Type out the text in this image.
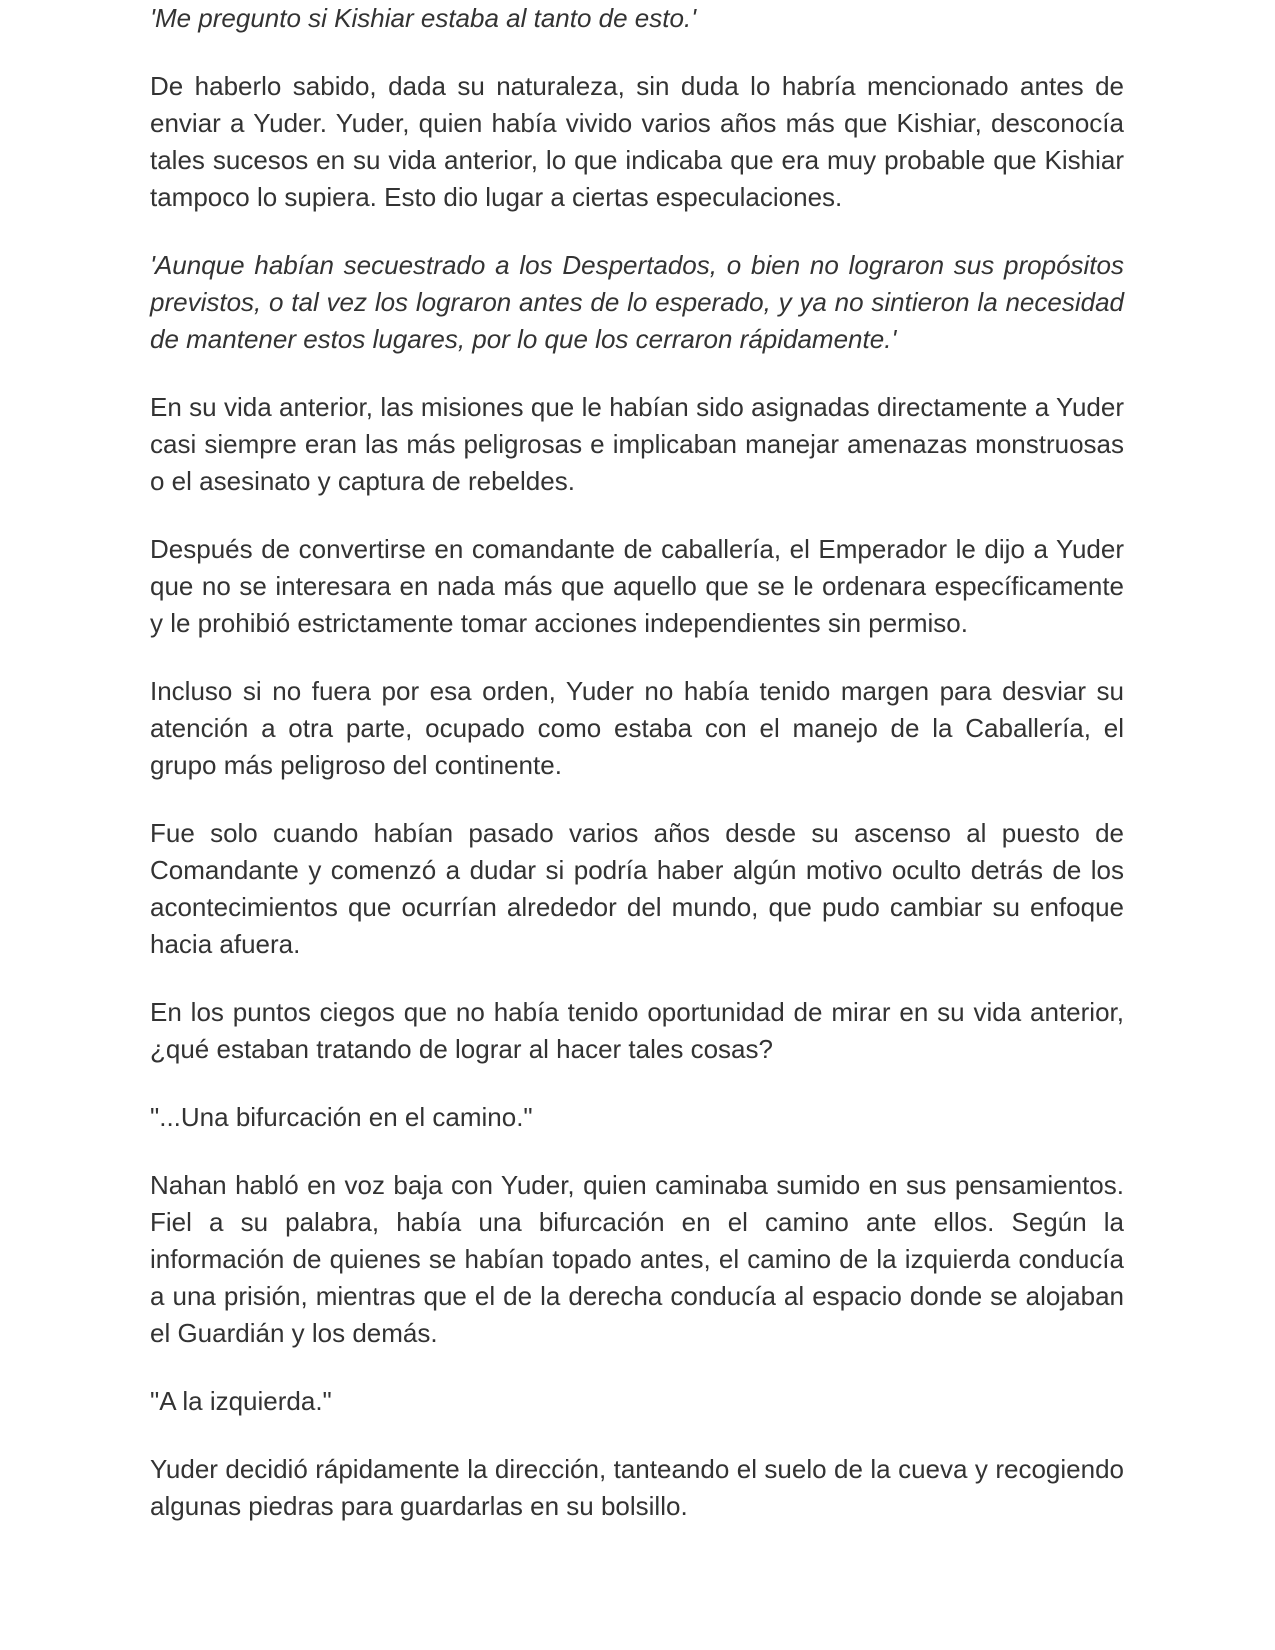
'Me pregunto si Kishiar estaba al tanto de esto.'

De haberlo sabido, dada su naturaleza, sin duda lo habría mencionado antes de enviar a Yuder. Yuder, quien había vivido varios años más que Kishiar, desconocía tales sucesos en su vida anterior, lo que indicaba que era muy probable que Kishiar tampoco lo supiera. Esto dio lugar a ciertas especulaciones.

'Aunque habían secuestrado a los Despertados, o bien no lograron sus propósitos previstos, o tal vez los lograron antes de lo esperado, y ya no sintieron la necesidad de mantener estos lugares, por lo que los cerraron rápidamente.'

En su vida anterior, las misiones que le habían sido asignadas directamente a Yuder casi siempre eran las más peligrosas e implicaban manejar amenazas monstruosas o el asesinato y captura de rebeldes.

Después de convertirse en comandante de caballería, el Emperador le dijo a Yuder que no se interesara en nada más que aquello que se le ordenara específicamente y le prohibió estrictamente tomar acciones independientes sin permiso.

Incluso si no fuera por esa orden, Yuder no había tenido margen para desviar su atención a otra parte, ocupado como estaba con el manejo de la Caballería, el grupo más peligroso del continente.

Fue solo cuando habían pasado varios años desde su ascenso al puesto de Comandante y comenzó a dudar si podría haber algún motivo oculto detrás de los acontecimientos que ocurrían alrededor del mundo, que pudo cambiar su enfoque hacia afuera.

En los puntos ciegos que no había tenido oportunidad de mirar en su vida anterior, ¿qué estaban tratando de lograr al hacer tales cosas?

"...Una bifurcación en el camino."

Nahan habló en voz baja con Yuder, quien caminaba sumido en sus pensamientos. Fiel a su palabra, había una bifurcación en el camino ante ellos. Según la información de quienes se habían topado antes, el camino de la izquierda conducía a una prisión, mientras que el de la derecha conducía al espacio donde se alojaban el Guardián y los demás.

"A la izquierda."

Yuder decidió rápidamente la dirección, tanteando el suelo de la cueva y recogiendo algunas piedras para guardarlas en su bolsillo.
